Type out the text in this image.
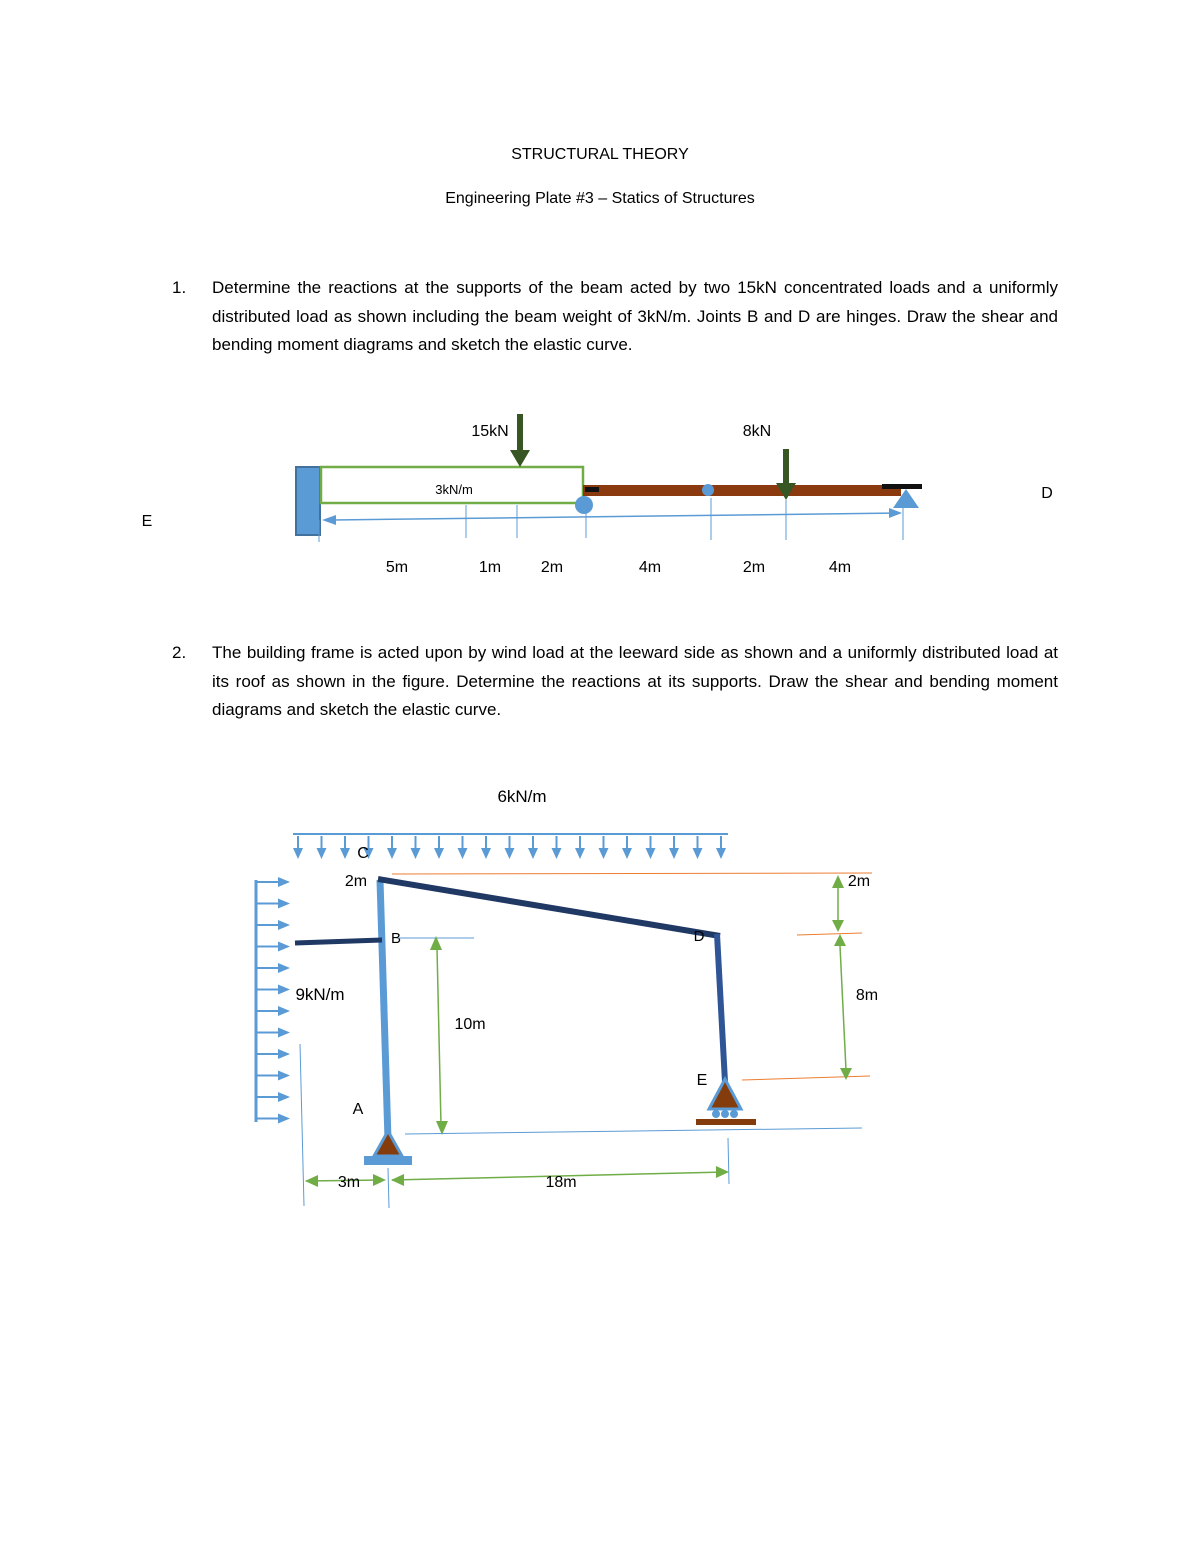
STRUCTURAL THEORY
Engineering Plate #3 – Statics of Structures
1. Determine the reactions at the supports of the beam acted by two 15kN concentrated loads and a uniformly distributed load as shown including the beam weight of 3kN/m. Joints B and D are hinges. Draw the shear and bending moment diagrams and sketch the elastic curve.
2. The building frame is acted upon by wind load at the leeward side as shown and a uniformly distributed load at its roof as shown in the figure. Determine the reactions at its supports. Draw the shear and bending moment diagrams and sketch the elastic curve.
3kN/m
15kN	8kN
5m	1m 2m	4m	2m	4m
D
E
6kN/m
9kN/m
C
B	D
A
E
2m
10m
2m
8m
3m	18m
